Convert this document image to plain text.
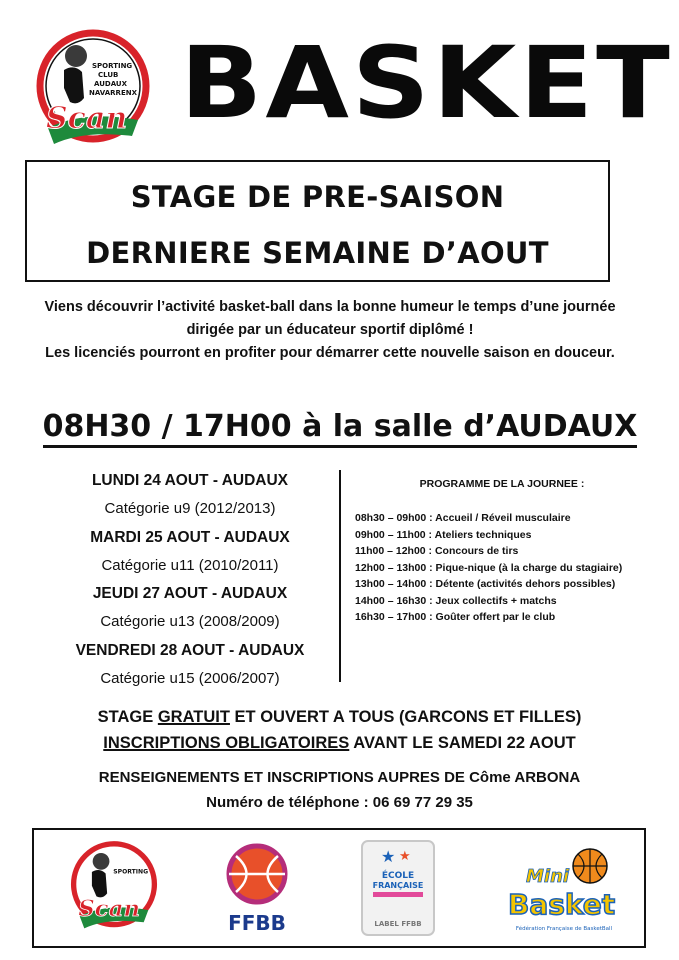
SPORTING
CLUB
AUDAUX
NAVARRENX
Scan BASKET
STAGE DE PRE-SAISON
DERNIERE SEMAINE D’AOUT

Viens découvrir l’activité basket-ball dans la bonne humeur le temps d’une journée dirigée par un éducateur sportif diplômé !

Les licenciés pourront en profiter pour démarrer cette nouvelle saison en douceur.

08H30 / 17H00 à la salle d’AUDAUX
LUNDI 24 AOUT - AUDAUX
Catégorie u9 (2012/2013)
MARDI 25 AOUT - AUDAUX
Catégorie u11 (2010/2011)
JEUDI 27 AOUT - AUDAUX
Catégorie u13 (2008/2009)
VENDREDI 28 AOUT - AUDAUX
Catégorie u15 (2006/2007)
PROGRAMME DE LA JOURNEE :
08h30 – 09h00 : Accueil / Réveil musculaire
09h00 – 11h00 : Ateliers techniques
11h00 – 12h00 : Concours de tirs
12h00 – 13h00 : Pique-nique (à la charge du stagiaire)
13h00 – 14h00 : Détente (activités dehors possibles)
14h00 – 16h30 : Jeux collectifs + matchs
16h30 – 17h00 : Goûter offert par le club
STAGE GRATUIT ET OUVERT A TOUS (GARCONS ET FILLES)
INSCRIPTIONS OBLIGATOIRES AVANT LE SAMEDI 22 AOUT
RENSEIGNEMENTS ET INSCRIPTIONS AUPRES DE Côme ARBONA
Numéro de téléphone : 06 69 77 29 35
SPORTING
Scan
FFBB
★ ★
ÉCOLE
FRANÇAISE
LABEL FFBB
Mini
Basket
Fédération Française de BasketBall
